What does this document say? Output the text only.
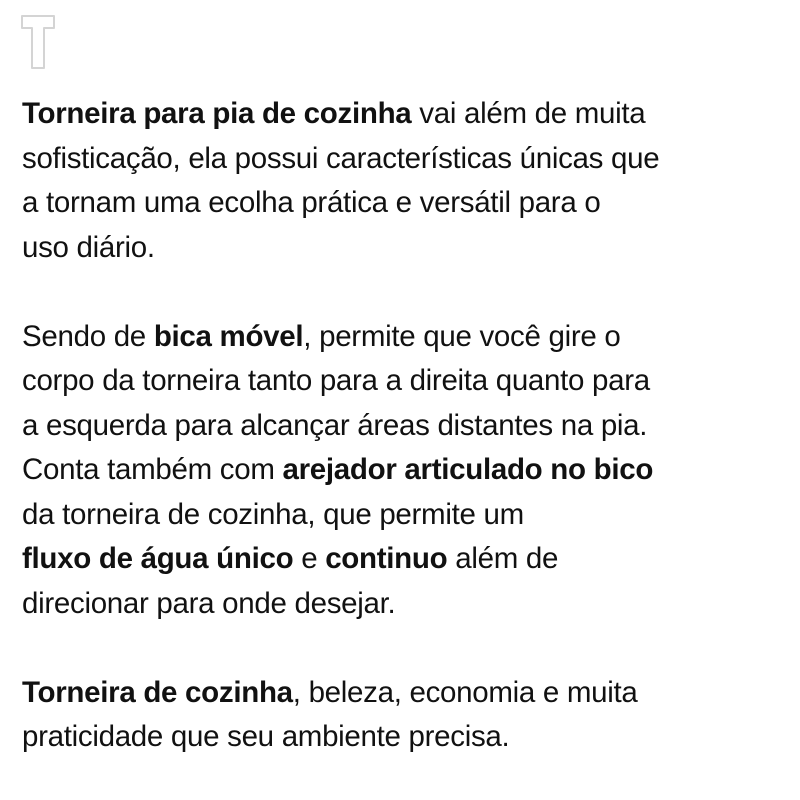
Torneira para pia de cozinha vai além de muita
sofisticação, ela possui características únicas que
a tornam uma ecolha prática e versátil para o
uso diário.

Sendo de bica móvel, permite que você gire o
corpo da torneira tanto para a direita quanto para
a esquerda para alcançar áreas distantes na pia.
Conta também com arejador articulado no bico
da torneira de cozinha, que permite um
fluxo de água único e continuo além de
direcionar para onde desejar.

Torneira de cozinha, beleza, economia e muita
praticidade que seu ambiente precisa.
